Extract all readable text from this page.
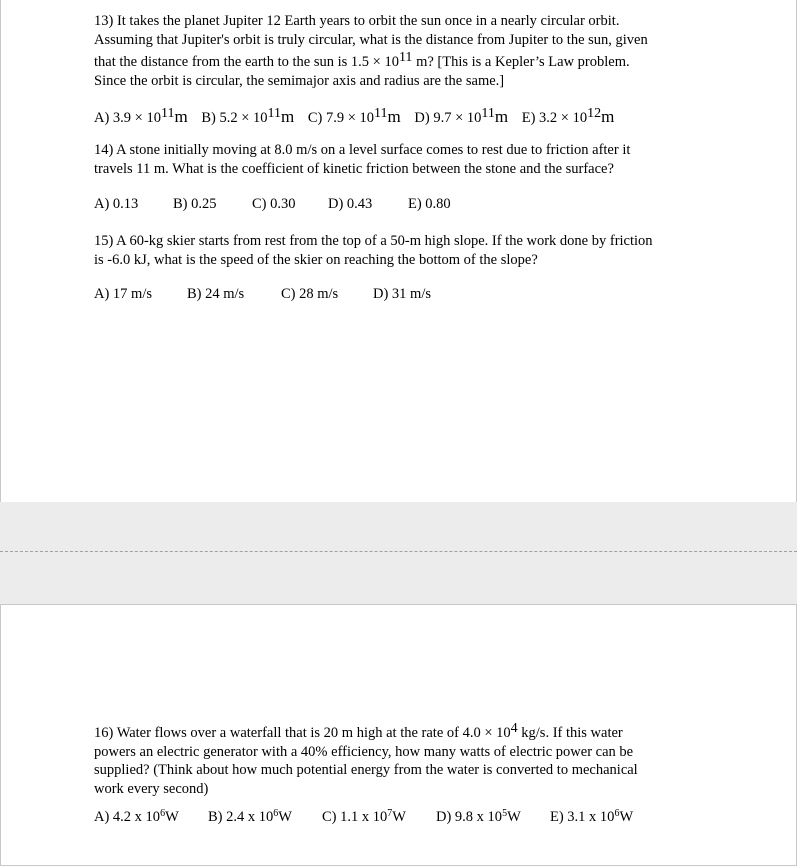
13) It takes the planet Jupiter 12 Earth years to orbit the sun once in a nearly circular orbit.
Assuming that Jupiter's orbit is truly circular, what is the distance from Jupiter to the sun, given
that the distance from the earth to the sun is $1.5 \times 10^{11}$ m? [This is a Kepler’s Law problem.
Since the orbit is circular, the semimajor axis and radius are the same.]
A) $3.9 \times 10^{11}m$ B) $5.2 \times 10^{11}m$ C) $7.9 \times 10^{11}m$ D) $9.7 \times 10^{11}m$ E) $3.2 \times 10^{12}m$
14) A stone initially moving at 8.0 m/s on a level surface comes to rest due to friction after it
travels 11 m. What is the coefficient of kinetic friction between the stone and the surface?
A) 0.13 B) 0.25 C) 0.30 D) 0.43 E) 0.80
15) A 60-kg skier starts from rest from the top of a 50-m high slope. If the work done by friction
is -6.0 kJ, what is the speed of the skier on reaching the bottom of the slope?
A) 17 m/s B) 24 m/s	C) 28 m/s D) 31 m/s
16) Water flows over a waterfall that is 20 m high at the rate of $4.0 \times 10^4$ kg/s. If this water
powers an electric generator with a 40% efficiency, how many watts of electric power can be
supplied? (Think about how much potential energy from the water is converted to mechanical
work every second)
A) 4.2 x $10^6W$ B) 2.4 x $10^6W$ C) 1.1 x $10^7W$ D) 9.8 x $10^5W$ E) 3.1 x $10^6W$
